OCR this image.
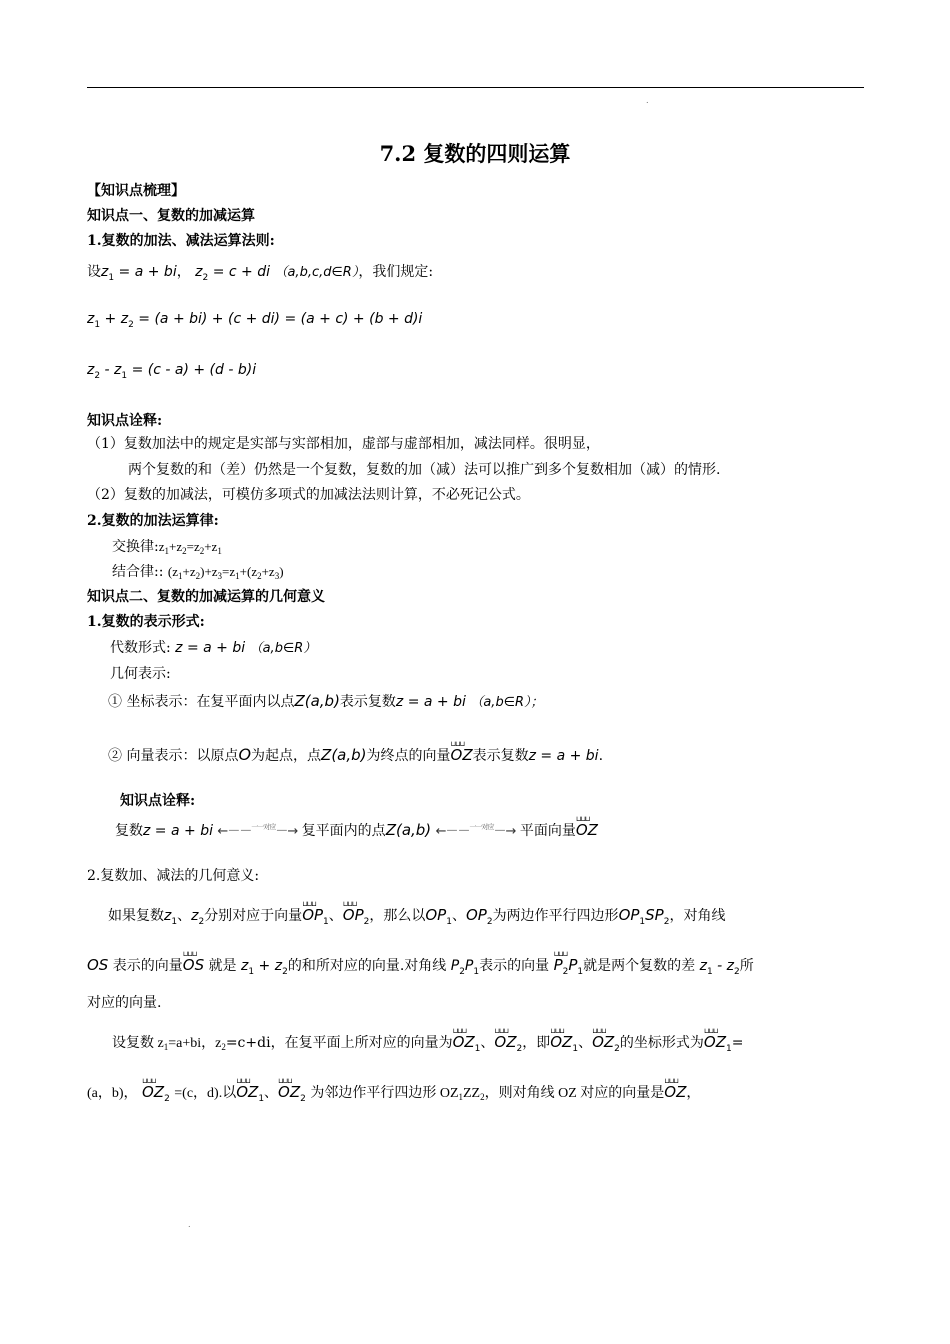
.
.
7.2 复数的四则运算
【知识点梳理】
知识点一、复数的加减运算
1.复数的加法、减法运算法则:
设$z_1 = a$ + bi， $z_2 = c$ + di （a,b,c,d∈R），我们规定:
$z_1 + z_2 = (a + bi) + (c + di) = (a + c) + (b + d)i$
$z_2 - z_1 = (c - a) + (d - b)i$
知识点诠释:
（1）复数加法中的规定是实部与实部相加，虚部与虚部相加，减法同样。很明显，
两个复数的和（差）仍然是一个复数，复数的加（减）法可以推广到多个复数相加（减）的情形.
（2）复数的加减法，可模仿多项式的加减法法则计算，不必死记公式。
2.复数的加法运算律:
交换律$:z_1+z_2=z_2+z_1$
结合律:: $(z_1+z_2)+z_3=z_1+(z_2+z_3)$
知识点二、复数的加减运算的几何意义
1.复数的表示形式:
代数形式: z = a + bi （a,b∈R）
几何表示:
① 坐标表示：在复平面内以点Z(a,b)表示复数z = a + bi （a,b∈R）；
② 向量表示：以原点O为起点，点Z(a,b)为终点的向量⊔⊔⊔ OZ表示复数z = a + bi.
知识点诠释:
复数z = a + bi ←－－$^{一一对应}$－→ 复平面内的点Z(a,b) ←－－$^{一一对应}$－→ 平面向量⊔⊔⊔ OZ
2.复数加、减法的几何意义:
如果复数$z_1$、$z_2$分别对应于向量⊔⊔⊔ $OP_1$、⊔⊔⊔ $OP_2$，那么以$OP_1$、$OP_2$为两边作平行四边形$OP_1SP_2$，对角线
OS 表示的向量⊔⊔⊔ OS 就是 $z_1 + z_2$的和所对应的向量.对角线 $P_2P_1$表示的向量 ⊔⊔⊔ $P_2P_1$就是两个复数的差 $z_1 - z_2$所
对应的向量.
设复数 $z_1=a+bi$，$z_2=c+di$，在复平面上所对应的向量为⊔⊔⊔ $OZ_1$、⊔⊔⊔ $OZ_2$，即⊔⊔⊔ $OZ_1$、⊔⊔⊔ $OZ_2$的坐标形式为⊔⊔⊔ $OZ_1=$
(a，b)， ⊔⊔⊔ $OZ_2 =(c$，d).以⊔⊔⊔ $OZ_1$、⊔⊔⊔ $OZ_2$ 为邻边作平行四边形 $OZ_1ZZ_2$，则对角线 OZ 对应的向量是⊔⊔⊔ OZ，
